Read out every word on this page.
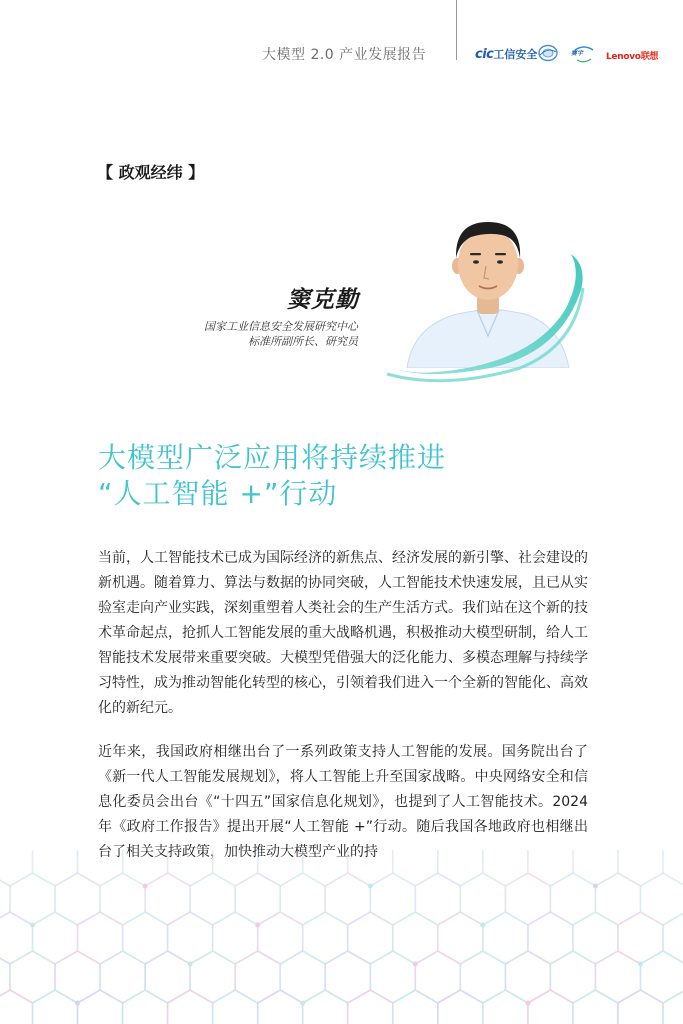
大模型 2.0 产业发展报告	cic工信安全	赛宇	Lenovo联想
【 政观经纬 】
窦克勤
国家工业信息安全发展研究中心
标准所副所长、研究员
大模型广泛应用将持续推进
“人工智能 +”行动
当前，人工智能技术已成为国际经济的新焦点、经济发展的新引擎、社会建设的新机遇。随着算力、算法与数据的协同突破，人工智能技术快速发展，且已从实验室走向产业实践，深刻重塑着人类社会的生产生活方式。我们站在这个新的技术革命起点，抢抓人工智能发展的重大战略机遇，积极推动大模型研制，给人工智能技术发展带来重要突破。大模型凭借强大的泛化能力、多模态理解与持续学习特性，成为推动智能化转型的核心，引领着我们进入一个全新的智能化、高效化的新纪元。
近年来，我国政府相继出台了一系列政策支持人工智能的发展。国务院出台了《新一代人工智能发展规划》，将人工智能上升至国家战略。中央网络安全和信息化委员会出台《“十四五”国家信息化规划》，也提到了人工智能技术。2024 年《政府工作报告》提出开展“人工智能 +”行动。随后我国各地政府也相继出台了相关支持政策，加快推动大模型产业的持
